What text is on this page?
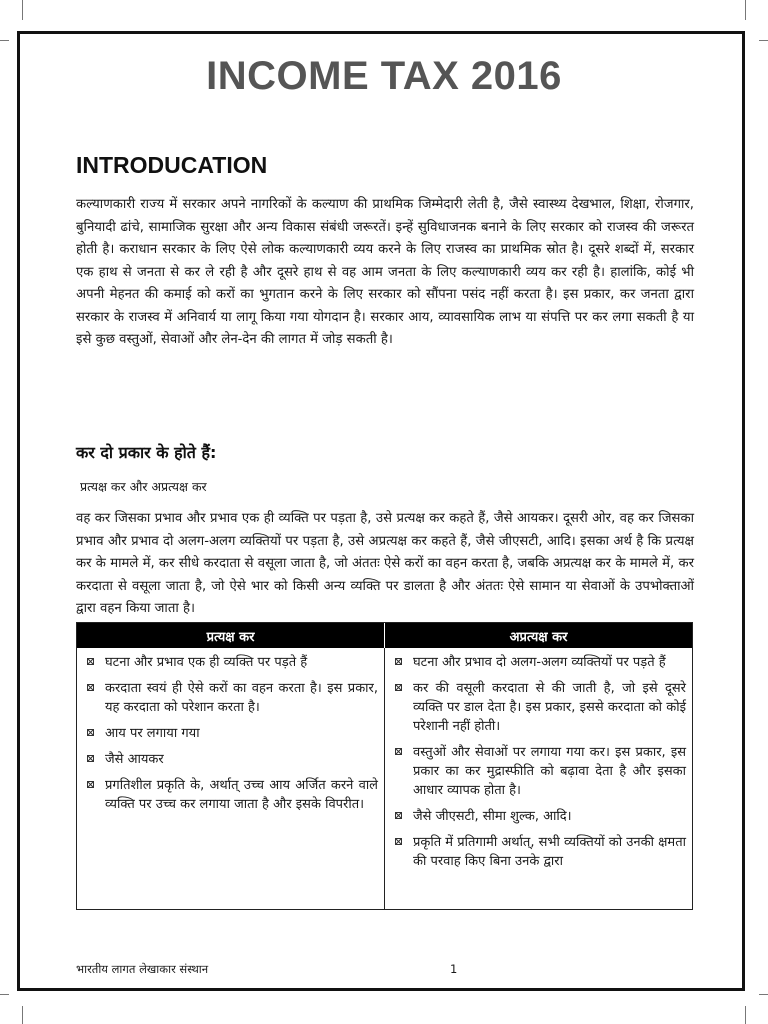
INCOME TAX 2016
INTRODUCATION

कल्याणकारी राज्य में सरकार अपने नागरिकों के कल्याण की प्राथमिक जिम्मेदारी लेती है, जैसे स्वास्थ्य देखभाल, शिक्षा, रोजगार, बुनियादी ढांचे, सामाजिक सुरक्षा और अन्य विकास संबंधी जरूरतें। इन्हें सुविधाजनक बनाने के लिए सरकार को राजस्व की जरूरत होती है। कराधान सरकार के लिए ऐसे लोक कल्याणकारी व्यय करने के लिए राजस्व का प्राथमिक स्रोत है। दूसरे शब्दों में, सरकार एक हाथ से जनता से कर ले रही है और दूसरे हाथ से वह आम जनता के लिए कल्याणकारी व्यय कर रही है। हालांकि, कोई भी अपनी मेहनत की कमाई को करों का भुगतान करने के लिए सरकार को सौंपना पसंद नहीं करता है। इस प्रकार, कर जनता द्वारा सरकार के राजस्व में अनिवार्य या लागू किया गया योगदान है। सरकार आय, व्यावसायिक लाभ या संपत्ति पर कर लगा सकती है या इसे कुछ वस्तुओं, सेवाओं और लेन-देन की लागत में जोड़ सकती है।

कर दो प्रकार के होते हैं:
प्रत्यक्ष कर और अप्रत्यक्ष कर

वह कर जिसका प्रभाव और प्रभाव एक ही व्यक्ति पर पड़ता है, उसे प्रत्यक्ष कर कहते हैं, जैसे आयकर। दूसरी ओर, वह कर जिसका प्रभाव और प्रभाव दो अलग-अलग व्यक्तियों पर पड़ता है, उसे अप्रत्यक्ष कर कहते हैं, जैसे जीएसटी, आदि। इसका अर्थ है कि प्रत्यक्ष कर के मामले में, कर सीधे करदाता से वसूला जाता है, जो अंततः ऐसे करों का वहन करता है, जबकि अप्रत्यक्ष कर के मामले में, कर करदाता से वसूला जाता है, जो ऐसे भार को किसी अन्य व्यक्ति पर डालता है और अंततः ऐसे सामान या सेवाओं के उपभोक्ताओं द्वारा वहन किया जाता है।

प्रत्यक्ष कर	अप्रत्यक्ष कर
घटना और प्रभाव एक ही व्यक्ति पर पड़ते हैं
करदाता स्वयं ही ऐसे करों का वहन करता है। इस प्रकार, यह करदाता को परेशान करता है।
आय पर लगाया गया
जैसे आयकर
प्रगतिशील प्रकृति के, अर्थात् उच्च आय अर्जित करने वाले व्यक्ति पर उच्च कर लगाया जाता है और इसके विपरीत।
घटना और प्रभाव दो अलग-अलग व्यक्तियों पर पड़ते हैं
कर की वसूली करदाता से की जाती है, जो इसे दूसरे व्यक्ति पर डाल देता है। इस प्रकार, इससे करदाता को कोई परेशानी नहीं होती।
वस्तुओं और सेवाओं पर लगाया गया कर। इस प्रकार, इस प्रकार का कर मुद्रास्फीति को बढ़ावा देता है और इसका आधार व्यापक होता है।
जैसे जीएसटी, सीमा शुल्क, आदि।
प्रकृति में प्रतिगामी अर्थात्, सभी व्यक्तियों को उनकी क्षमता की परवाह किए बिना उनके द्वारा
भारतीय लागत लेखाकार संस्थान	1
